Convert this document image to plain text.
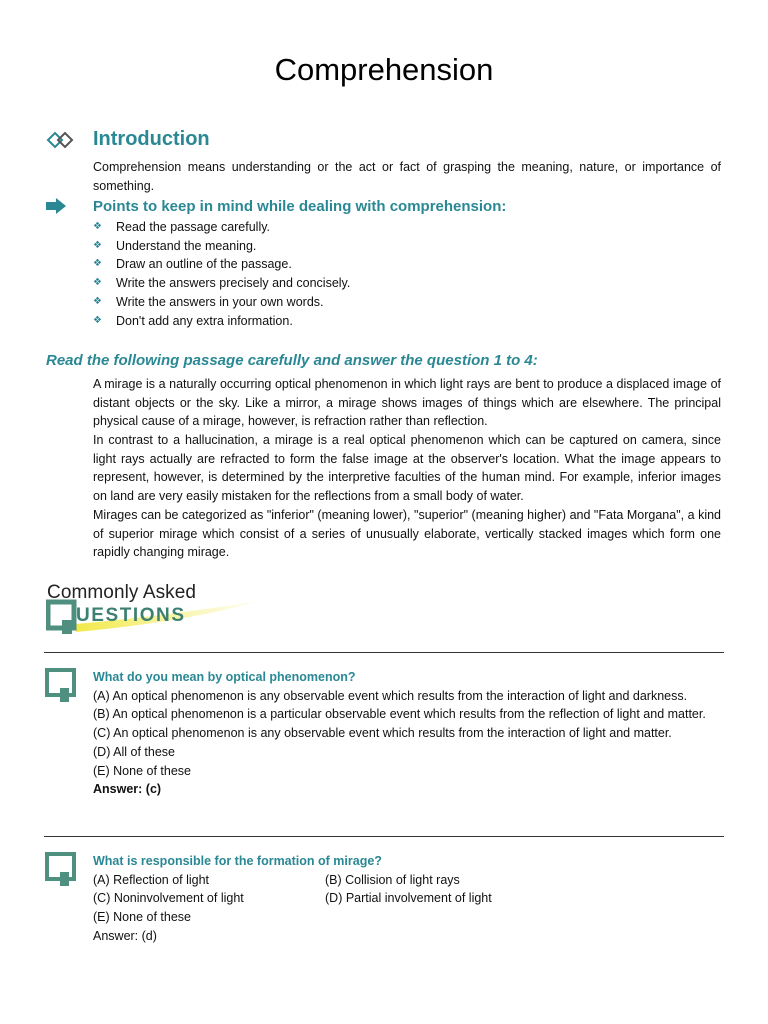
Comprehension
Introduction
Comprehension means understanding or the act or fact of grasping the meaning, nature, or importance of something.
Points to keep in mind while dealing with comprehension:
❖ Read the passage carefully.
❖ Understand the meaning.
❖ Draw an outline of the passage.
❖ Write the answers precisely and concisely.
❖ Write the answers in your own words.
❖ Don't add any extra information.
Read the following passage carefully and answer the question 1 to 4:
A mirage is a naturally occurring optical phenomenon in which light rays are bent to produce a displaced image of distant objects or the sky. Like a mirror, a mirage shows images of things which are elsewhere. The principal physical cause of a mirage, however, is refraction rather than reflection.
In contrast to a hallucination, a mirage is a real optical phenomenon which can be captured on camera, since light rays actually are refracted to form the false image at the observer's location. What the image appears to represent, however, is determined by the interpretive faculties of the human mind. For example, inferior images on land are very easily mistaken for the reflections from a small body of water.
Mirages can be categorized as "inferior" (meaning lower), "superior" (meaning higher) and "Fata Morgana", a kind of superior mirage which consist of a series of unusually elaborate, vertically stacked images which form one rapidly changing mirage.
Commonly Asked
UESTIONS
What do you mean by optical phenomenon?
(A) An optical phenomenon is any observable event which results from the interaction of light and darkness.
(B) An optical phenomenon is a particular observable event which results from the reflection of light and matter.
(C) An optical phenomenon is any observable event which results from the interaction of light and matter.
(D) All of these
(E) None of these
Answer: (c)
What is responsible for the formation of mirage?
(A) Reflection of light	(B) Collision of light rays
(C) Noninvolvement of light	(D) Partial involvement of light
(E) None of these
Answer: (d)
